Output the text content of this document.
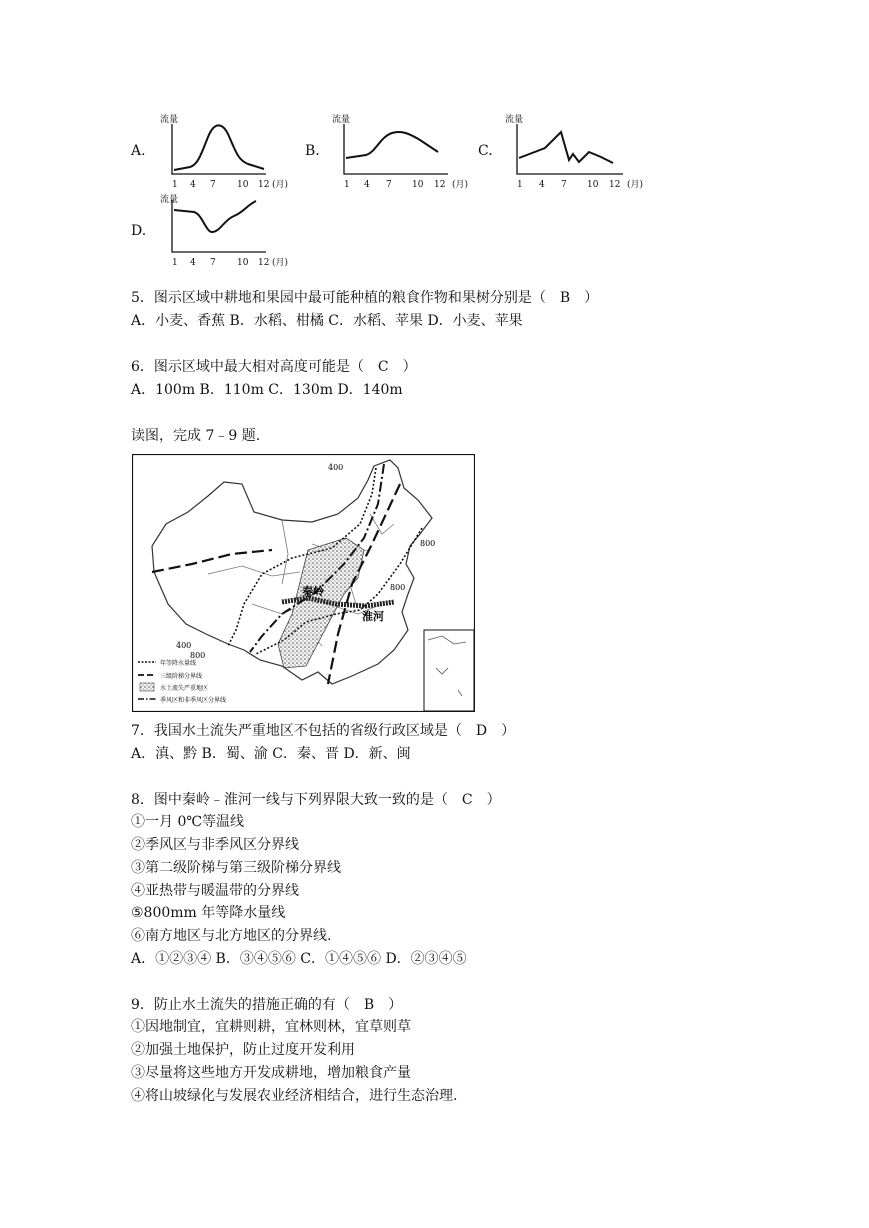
A.
流量
1 4 7 10 12 (月)
B.
流量
1 4 7 10 12 (月)
C.
流量
1 4 7 10 12 (月)
D.
流量
1 4 7 10 12 (月)
5．图示区域中耕地和果园中最可能种植的粮食作物和果树分别是（　B　）
A．小麦、香蕉 B．水稻、柑橘 C．水稻、苹果 D．小麦、苹果
6．图示区域中最大相对高度可能是（　C　）
A．100m B．110m C．130m D．140m
读图，完成 7﹣9 题.
400
800
800
400
800
秦岭
淮河
年等降水量线
三级阶梯分界线
水土流失严重地区
季风区和非季风区分界线
7．我国水土流失严重地区不包括的省级行政区域是（　D　）
A．滇、黔 B．蜀、渝 C．秦、晋 D．新、闽
8．图中秦岭﹣淮河一线与下列界限大致一致的是（　C　）
①一月 0℃等温线
②季风区与非季风区分界线
③第二级阶梯与第三级阶梯分界线
④亚热带与暖温带的分界线
⑤800mm 年等降水量线
⑥南方地区与北方地区的分界线.
A．①②③④ B．③④⑤⑥ C．①④⑤⑥ D．②③④⑤
9．防止水土流失的措施正确的有（　B　）
①因地制宜，宜耕则耕，宜林则林，宜草则草
②加强土地保护，防止过度开发利用
③尽量将这些地方开发成耕地，增加粮食产量
④将山坡绿化与发展农业经济相结合，进行生态治理.
